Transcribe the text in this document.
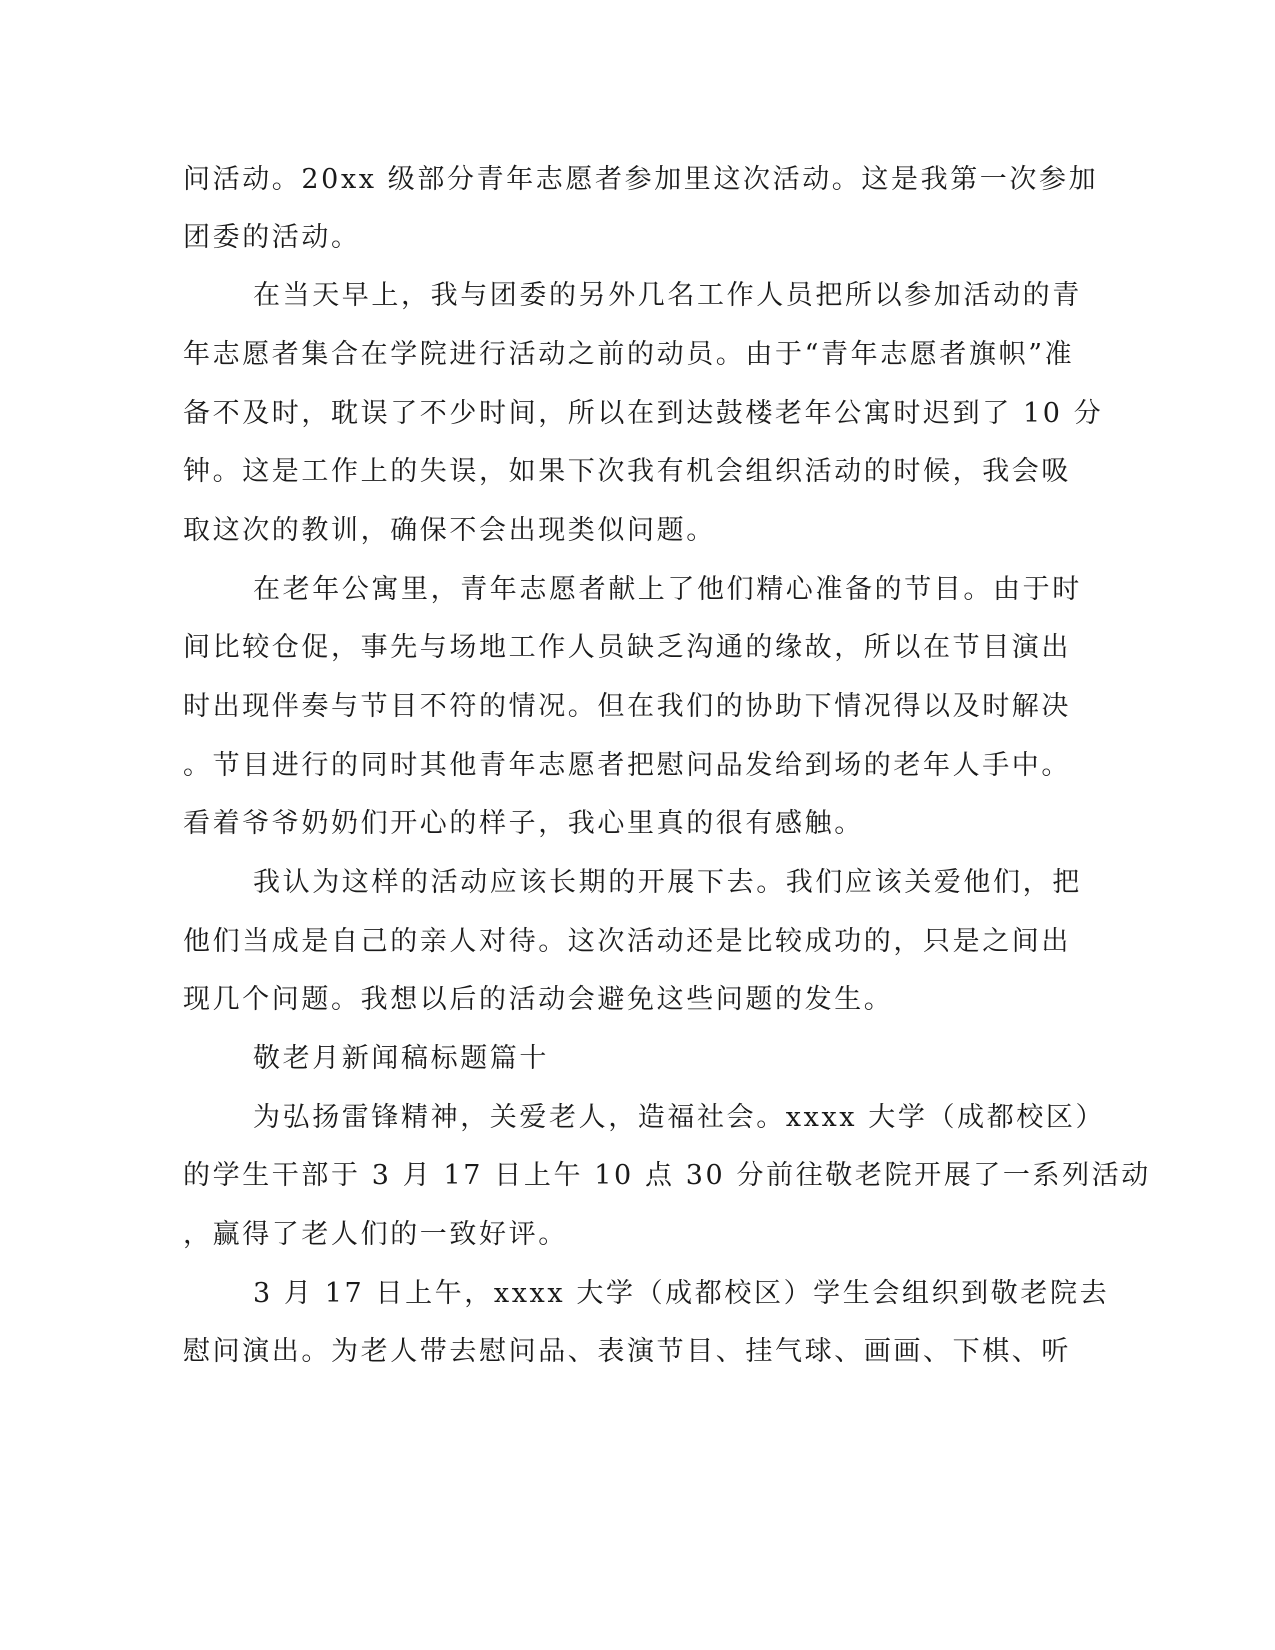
问活动。20xx 级部分青年志愿者参加里这次活动。这是我第一次参加
团委的活动。
在当天早上，我与团委的另外几名工作人员把所以参加活动的青
年志愿者集合在学院进行活动之前的动员。由于“青年志愿者旗帜”准
备不及时，耽误了不少时间，所以在到达鼓楼老年公寓时迟到了 10 分
钟。这是工作上的失误，如果下次我有机会组织活动的时候，我会吸
取这次的教训，确保不会出现类似问题。
在老年公寓里，青年志愿者献上了他们精心准备的节目。由于时
间比较仓促，事先与场地工作人员缺乏沟通的缘故，所以在节目演出
时出现伴奏与节目不符的情况。但在我们的协助下情况得以及时解决
。节目进行的同时其他青年志愿者把慰问品发给到场的老年人手中。
看着爷爷奶奶们开心的样子，我心里真的很有感触。
我认为这样的活动应该长期的开展下去。我们应该关爱他们，把
他们当成是自己的亲人对待。这次活动还是比较成功的，只是之间出
现几个问题。我想以后的活动会避免这些问题的发生。
敬老月新闻稿标题篇十
为弘扬雷锋精神，关爱老人，造福社会。xxxx 大学（成都校区）
的学生干部于 3 月 17 日上午 10 点 30 分前往敬老院开展了一系列活动
，赢得了老人们的一致好评。
3 月 17 日上午，xxxx 大学（成都校区）学生会组织到敬老院去
慰问演出。为老人带去慰问品、表演节目、挂气球、画画、下棋、听
